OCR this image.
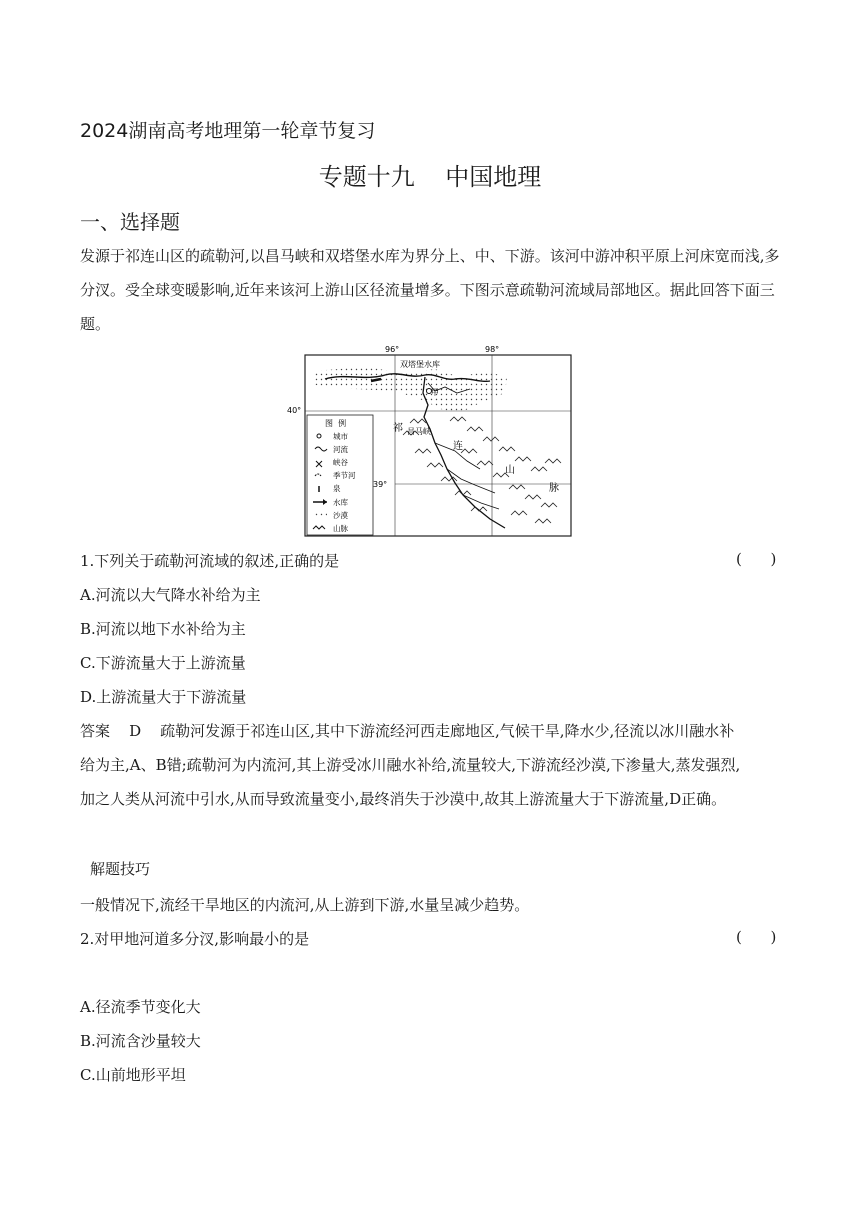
2024湖南高考地理第一轮章节复习
专题十九    中国地理
一、选择题
发源于祁连山区的疏勒河,以昌马峡和双塔堡水库为界分上、中、下游。该河中游冲积平原上河床宽而浅,多分汊。受全球变暖影响,近年来该河上游山区径流量增多。下图示意疏勒河流域局部地区。据此回答下面三题。
96°	98°
40°
39°
双塔堡水库
甲
昌马峡
祁
连
山
脉
图  例
城市
河流
峡谷
季节河
泉
水库
沙漠
山脉
1.下列关于疏勒河流域的叙述,正确的是	(      )
A.河流以大气降水补给为主
B.河流以地下水补给为主
C.下游流量大于上游流量
D.上游流量大于下游流量
答案    D    疏勒河发源于祁连山区,其中下游流经河西走廊地区,气候干旱,降水少,径流以冰川融水补
给为主,A、B错;疏勒河为内流河,其上游受冰川融水补给,流量较大,下游流经沙漠,下渗量大,蒸发强烈,
加之人类从河流中引水,从而导致流量变小,最终消失于沙漠中,故其上游流量大于下游流量,D正确。
解题技巧
一般情况下,流经干旱地区的内流河,从上游到下游,水量呈减少趋势。
2.对甲地河道多分汊,影响最小的是	(      )
A.径流季节变化大
B.河流含沙量较大
C.山前地形平坦
